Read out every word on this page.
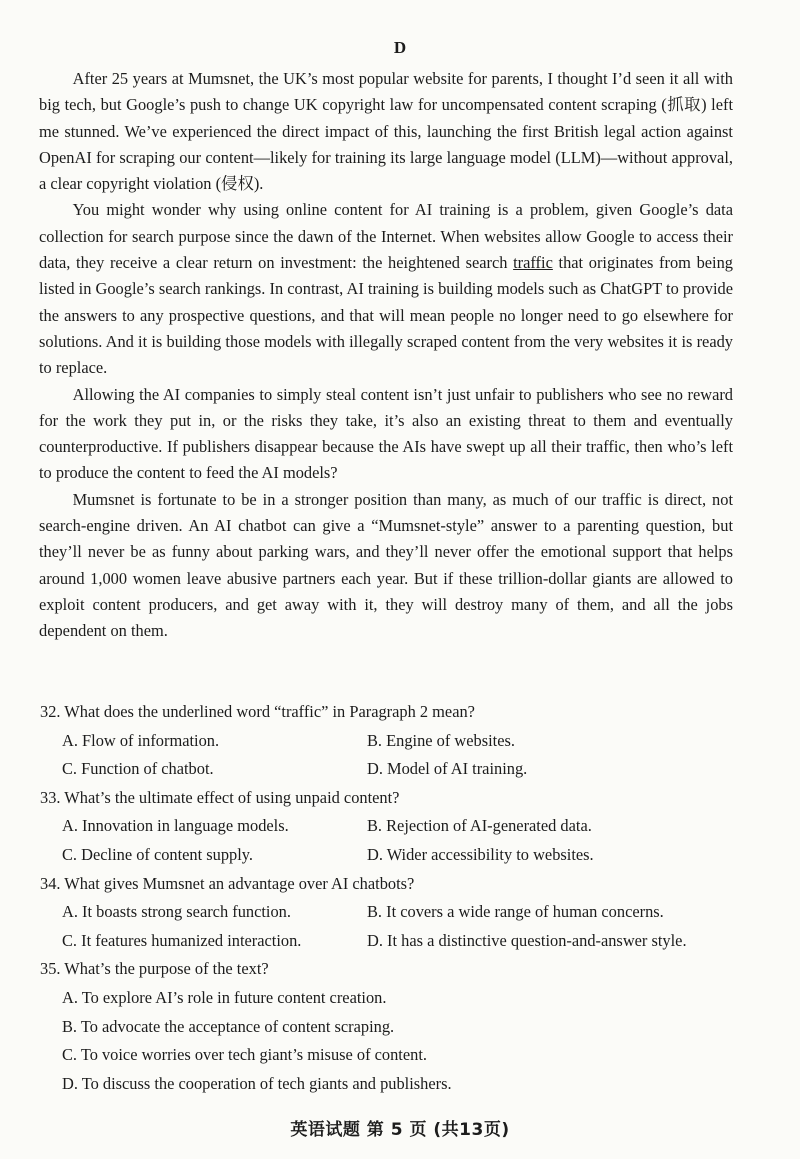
D

After 25 years at Mumsnet, the UK’s most popular website for parents, I thought I’d seen it all with big tech, but Google’s push to change UK copyright law for uncompensated content scraping (抓取) left me stunned. We’ve experienced the direct impact of this, launching the first British legal action against OpenAI for scraping our content—likely for training its large language model (LLM)—without approval, a clear copyright violation (侵权).

You might wonder why using online content for AI training is a problem, given Google’s data collection for search purpose since the dawn of the Internet. When websites allow Google to access their data, they receive a clear return on investment: the heightened search traffic that originates from being listed in Google’s search rankings. In contrast, AI training is building models such as ChatGPT to provide the answers to any prospective questions, and that will mean people no longer need to go elsewhere for solutions. And it is building those models with illegally scraped content from the very websites it is ready to replace.

Allowing the AI companies to simply steal content isn’t just unfair to publishers who see no reward for the work they put in, or the risks they take, it’s also an existing threat to them and eventually counterproductive. If publishers disappear because the AIs have swept up all their traffic, then who’s left to produce the content to feed the AI models?

Mumsnet is fortunate to be in a stronger position than many, as much of our traffic is direct, not search-engine driven. An AI chatbot can give a “Mumsnet-style” answer to a parenting question, but they’ll never be as funny about parking wars, and they’ll never offer the emotional support that helps around 1,000 women leave abusive partners each year. But if these trillion-dollar giants are allowed to exploit content producers, and get away with it, they will destroy many of them, and all the jobs dependent on them.

32. What does the underlined word “traffic” in Paragraph 2 mean?
A. Flow of information.	B. Engine of websites.
C. Function of chatbot.	D. Model of AI training.
33. What’s the ultimate effect of using unpaid content?
A. Innovation in language models.	B. Rejection of AI-generated data.
C. Decline of content supply.	D. Wider accessibility to websites.
34. What gives Mumsnet an advantage over AI chatbots?
A. It boasts strong search function.	B. It covers a wide range of human concerns.
C. It features humanized interaction.	D. It has a distinctive question-and-answer style.
35. What’s the purpose of the text?
A. To explore AI’s role in future content creation.
B. To advocate the acceptance of content scraping.
C. To voice worries over tech giant’s misuse of content.
D. To discuss the cooperation of tech giants and publishers.
英语试题 第 5 页 (共13页)
